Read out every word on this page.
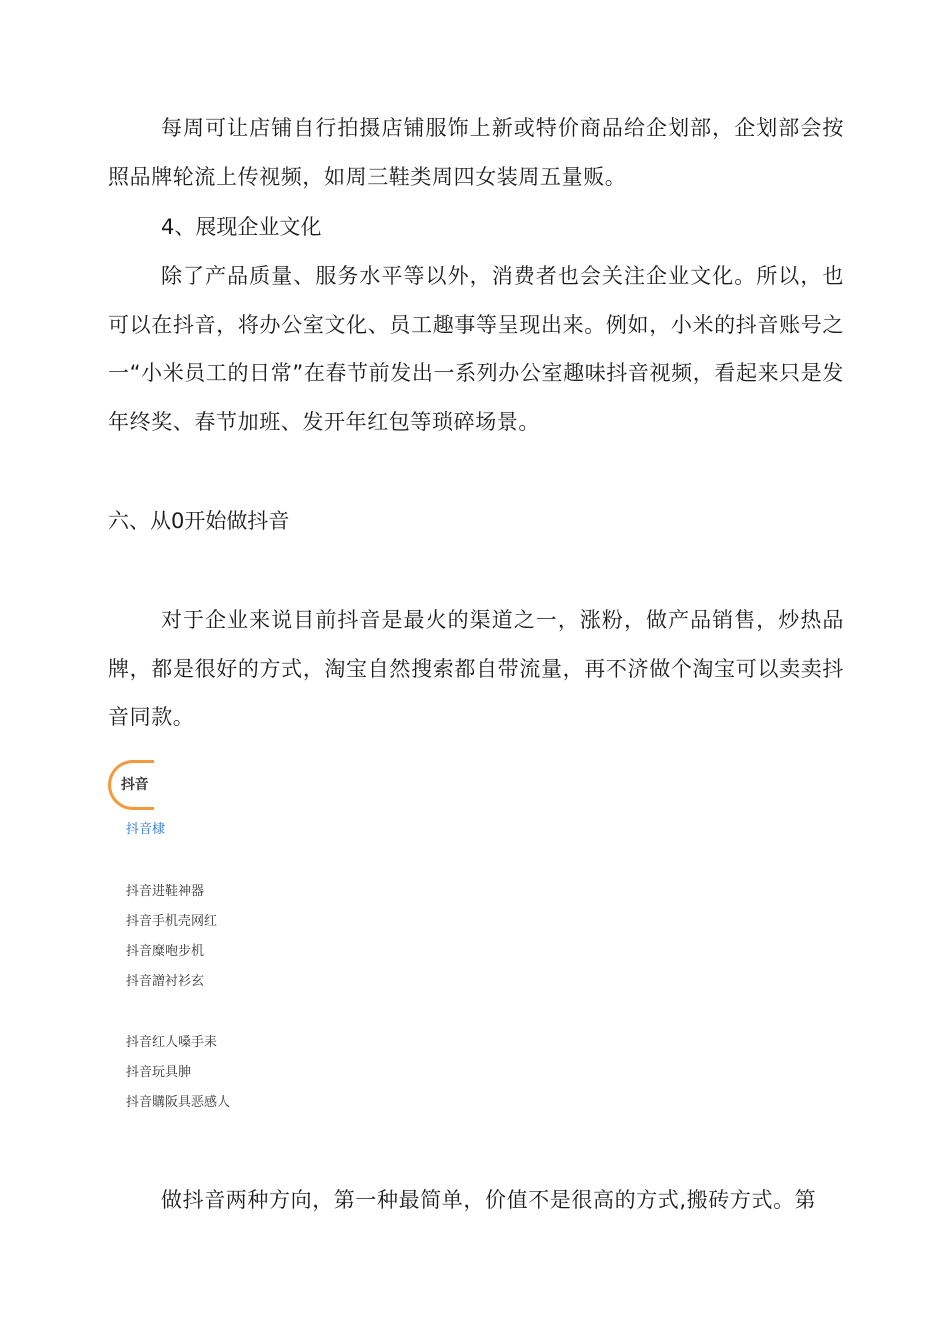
每周可让店铺自行拍摄店铺服饰上新或特价商品给企划部，企划部会按照品牌轮流上传视频，如周三鞋类周四女装周五量贩。

4、展现企业文化

除了产品质量、服务水平等以外，消费者也会关注企业文化。所以，也可以在抖音，将办公室文化、员工趣事等呈现出来。例如，小米的抖音账号之一“小米员工的日常”在春节前发出一系列办公室趣味抖音视频，看起来只是发年终奖、春节加班、发开年红包等琐碎场景。

六、从0开始做抖音

对于企业来说目前抖音是最火的渠道之一，涨粉，做产品销售，炒热品牌，都是很好的方式，淘宝自然搜索都自带流量，再不济做个淘宝可以卖卖抖音同款。

抖音

抖音棣

抖音进鞋神器
抖音手机壳网红
抖音糜咆步机
抖音譄衬衫玄
抖音红人嗓手耒
抖音玩具胂
抖音購阪具恶感人

做抖音两种方向，第一种最简单，价值不是很高的方式,搬砖方式。第
